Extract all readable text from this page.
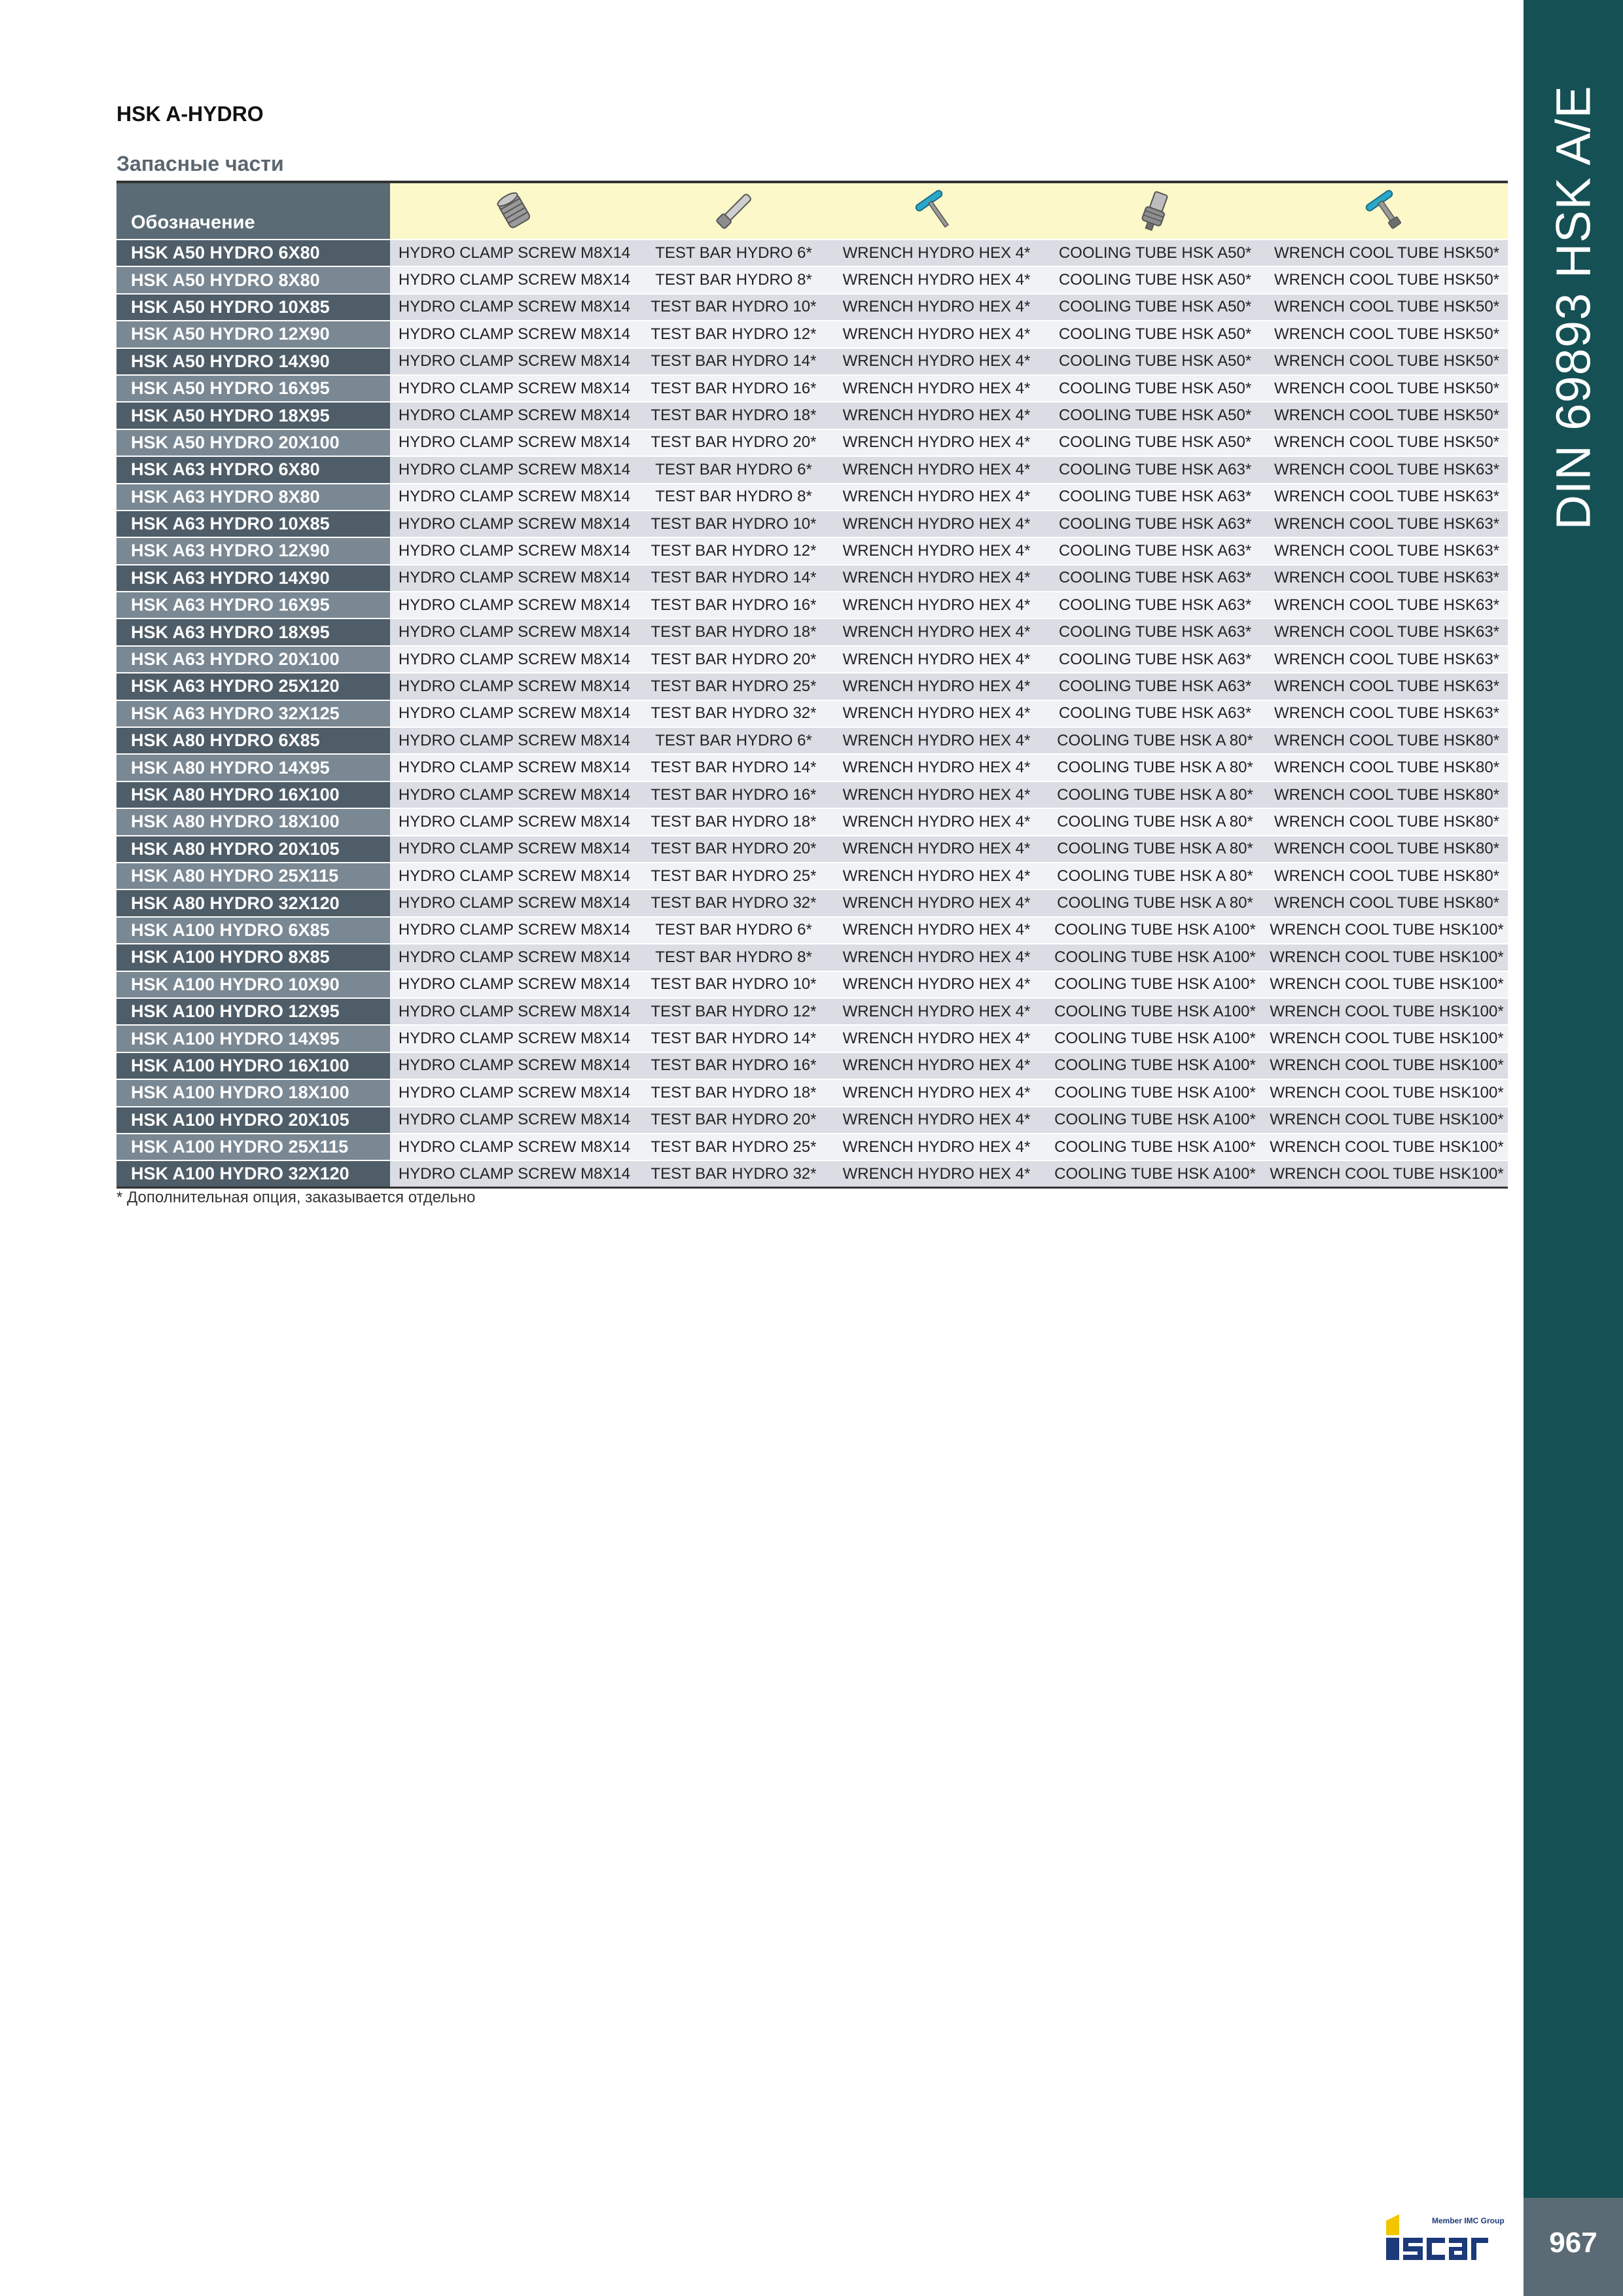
HSK A-HYDRO
Запасные части
Обозначение	

HSK A50 HYDRO 6X80	HYDRO CLAMP SCREW M8X14	TEST BAR HYDRO 6*	WRENCH HYDRO HEX 4*	COOLING TUBE HSK A50*	WRENCH COOL TUBE HSK50*
HSK A50 HYDRO 8X80	HYDRO CLAMP SCREW M8X14	TEST BAR HYDRO 8*	WRENCH HYDRO HEX 4*	COOLING TUBE HSK A50*	WRENCH COOL TUBE HSK50*
HSK A50 HYDRO 10X85	HYDRO CLAMP SCREW M8X14	TEST BAR HYDRO 10*	WRENCH HYDRO HEX 4*	COOLING TUBE HSK A50*	WRENCH COOL TUBE HSK50*
HSK A50 HYDRO 12X90	HYDRO CLAMP SCREW M8X14	TEST BAR HYDRO 12*	WRENCH HYDRO HEX 4*	COOLING TUBE HSK A50*	WRENCH COOL TUBE HSK50*
HSK A50 HYDRO 14X90	HYDRO CLAMP SCREW M8X14	TEST BAR HYDRO 14*	WRENCH HYDRO HEX 4*	COOLING TUBE HSK A50*	WRENCH COOL TUBE HSK50*
HSK A50 HYDRO 16X95	HYDRO CLAMP SCREW M8X14	TEST BAR HYDRO 16*	WRENCH HYDRO HEX 4*	COOLING TUBE HSK A50*	WRENCH COOL TUBE HSK50*
HSK A50 HYDRO 18X95	HYDRO CLAMP SCREW M8X14	TEST BAR HYDRO 18*	WRENCH HYDRO HEX 4*	COOLING TUBE HSK A50*	WRENCH COOL TUBE HSK50*
HSK A50 HYDRO 20X100	HYDRO CLAMP SCREW M8X14	TEST BAR HYDRO 20*	WRENCH HYDRO HEX 4*	COOLING TUBE HSK A50*	WRENCH COOL TUBE HSK50*
HSK A63 HYDRO 6X80	HYDRO CLAMP SCREW M8X14	TEST BAR HYDRO 6*	WRENCH HYDRO HEX 4*	COOLING TUBE HSK A63*	WRENCH COOL TUBE HSK63*
HSK A63 HYDRO 8X80	HYDRO CLAMP SCREW M8X14	TEST BAR HYDRO 8*	WRENCH HYDRO HEX 4*	COOLING TUBE HSK A63*	WRENCH COOL TUBE HSK63*
HSK A63 HYDRO 10X85	HYDRO CLAMP SCREW M8X14	TEST BAR HYDRO 10*	WRENCH HYDRO HEX 4*	COOLING TUBE HSK A63*	WRENCH COOL TUBE HSK63*
HSK A63 HYDRO 12X90	HYDRO CLAMP SCREW M8X14	TEST BAR HYDRO 12*	WRENCH HYDRO HEX 4*	COOLING TUBE HSK A63*	WRENCH COOL TUBE HSK63*
HSK A63 HYDRO 14X90	HYDRO CLAMP SCREW M8X14	TEST BAR HYDRO 14*	WRENCH HYDRO HEX 4*	COOLING TUBE HSK A63*	WRENCH COOL TUBE HSK63*
HSK A63 HYDRO 16X95	HYDRO CLAMP SCREW M8X14	TEST BAR HYDRO 16*	WRENCH HYDRO HEX 4*	COOLING TUBE HSK A63*	WRENCH COOL TUBE HSK63*
HSK A63 HYDRO 18X95	HYDRO CLAMP SCREW M8X14	TEST BAR HYDRO 18*	WRENCH HYDRO HEX 4*	COOLING TUBE HSK A63*	WRENCH COOL TUBE HSK63*
HSK A63 HYDRO 20X100	HYDRO CLAMP SCREW M8X14	TEST BAR HYDRO 20*	WRENCH HYDRO HEX 4*	COOLING TUBE HSK A63*	WRENCH COOL TUBE HSK63*
HSK A63 HYDRO 25X120	HYDRO CLAMP SCREW M8X14	TEST BAR HYDRO 25*	WRENCH HYDRO HEX 4*	COOLING TUBE HSK A63*	WRENCH COOL TUBE HSK63*
HSK A63 HYDRO 32X125	HYDRO CLAMP SCREW M8X14	TEST BAR HYDRO 32*	WRENCH HYDRO HEX 4*	COOLING TUBE HSK A63*	WRENCH COOL TUBE HSK63*
HSK A80 HYDRO 6X85	HYDRO CLAMP SCREW M8X14	TEST BAR HYDRO 6*	WRENCH HYDRO HEX 4*	COOLING TUBE HSK A 80*	WRENCH COOL TUBE HSK80*
HSK A80 HYDRO 14X95	HYDRO CLAMP SCREW M8X14	TEST BAR HYDRO 14*	WRENCH HYDRO HEX 4*	COOLING TUBE HSK A 80*	WRENCH COOL TUBE HSK80*
HSK A80 HYDRO 16X100	HYDRO CLAMP SCREW M8X14	TEST BAR HYDRO 16*	WRENCH HYDRO HEX 4*	COOLING TUBE HSK A 80*	WRENCH COOL TUBE HSK80*
HSK A80 HYDRO 18X100	HYDRO CLAMP SCREW M8X14	TEST BAR HYDRO 18*	WRENCH HYDRO HEX 4*	COOLING TUBE HSK A 80*	WRENCH COOL TUBE HSK80*
HSK A80 HYDRO 20X105	HYDRO CLAMP SCREW M8X14	TEST BAR HYDRO 20*	WRENCH HYDRO HEX 4*	COOLING TUBE HSK A 80*	WRENCH COOL TUBE HSK80*
HSK A80 HYDRO 25X115	HYDRO CLAMP SCREW M8X14	TEST BAR HYDRO 25*	WRENCH HYDRO HEX 4*	COOLING TUBE HSK A 80*	WRENCH COOL TUBE HSK80*
HSK A80 HYDRO 32X120	HYDRO CLAMP SCREW M8X14	TEST BAR HYDRO 32*	WRENCH HYDRO HEX 4*	COOLING TUBE HSK A 80*	WRENCH COOL TUBE HSK80*
HSK A100 HYDRO 6X85	HYDRO CLAMP SCREW M8X14	TEST BAR HYDRO 6*	WRENCH HYDRO HEX 4*	COOLING TUBE HSK A100*	WRENCH COOL TUBE HSK100*
HSK A100 HYDRO 8X85	HYDRO CLAMP SCREW M8X14	TEST BAR HYDRO 8*	WRENCH HYDRO HEX 4*	COOLING TUBE HSK A100*	WRENCH COOL TUBE HSK100*
HSK A100 HYDRO 10X90	HYDRO CLAMP SCREW M8X14	TEST BAR HYDRO 10*	WRENCH HYDRO HEX 4*	COOLING TUBE HSK A100*	WRENCH COOL TUBE HSK100*
HSK A100 HYDRO 12X95	HYDRO CLAMP SCREW M8X14	TEST BAR HYDRO 12*	WRENCH HYDRO HEX 4*	COOLING TUBE HSK A100*	WRENCH COOL TUBE HSK100*
HSK A100 HYDRO 14X95	HYDRO CLAMP SCREW M8X14	TEST BAR HYDRO 14*	WRENCH HYDRO HEX 4*	COOLING TUBE HSK A100*	WRENCH COOL TUBE HSK100*
HSK A100 HYDRO 16X100	HYDRO CLAMP SCREW M8X14	TEST BAR HYDRO 16*	WRENCH HYDRO HEX 4*	COOLING TUBE HSK A100*	WRENCH COOL TUBE HSK100*
HSK A100 HYDRO 18X100	HYDRO CLAMP SCREW M8X14	TEST BAR HYDRO 18*	WRENCH HYDRO HEX 4*	COOLING TUBE HSK A100*	WRENCH COOL TUBE HSK100*
HSK A100 HYDRO 20X105	HYDRO CLAMP SCREW M8X14	TEST BAR HYDRO 20*	WRENCH HYDRO HEX 4*	COOLING TUBE HSK A100*	WRENCH COOL TUBE HSK100*
HSK A100 HYDRO 25X115	HYDRO CLAMP SCREW M8X14	TEST BAR HYDRO 25*	WRENCH HYDRO HEX 4*	COOLING TUBE HSK A100*	WRENCH COOL TUBE HSK100*
HSK A100 HYDRO 32X120	HYDRO CLAMP SCREW M8X14	TEST BAR HYDRO 32*	WRENCH HYDRO HEX 4*	COOLING TUBE HSK A100*	WRENCH COOL TUBE HSK100*
* Дополнительная опция, заказывается отдельно
Member IMC Group
DIN 69893 HSK A/E
967
